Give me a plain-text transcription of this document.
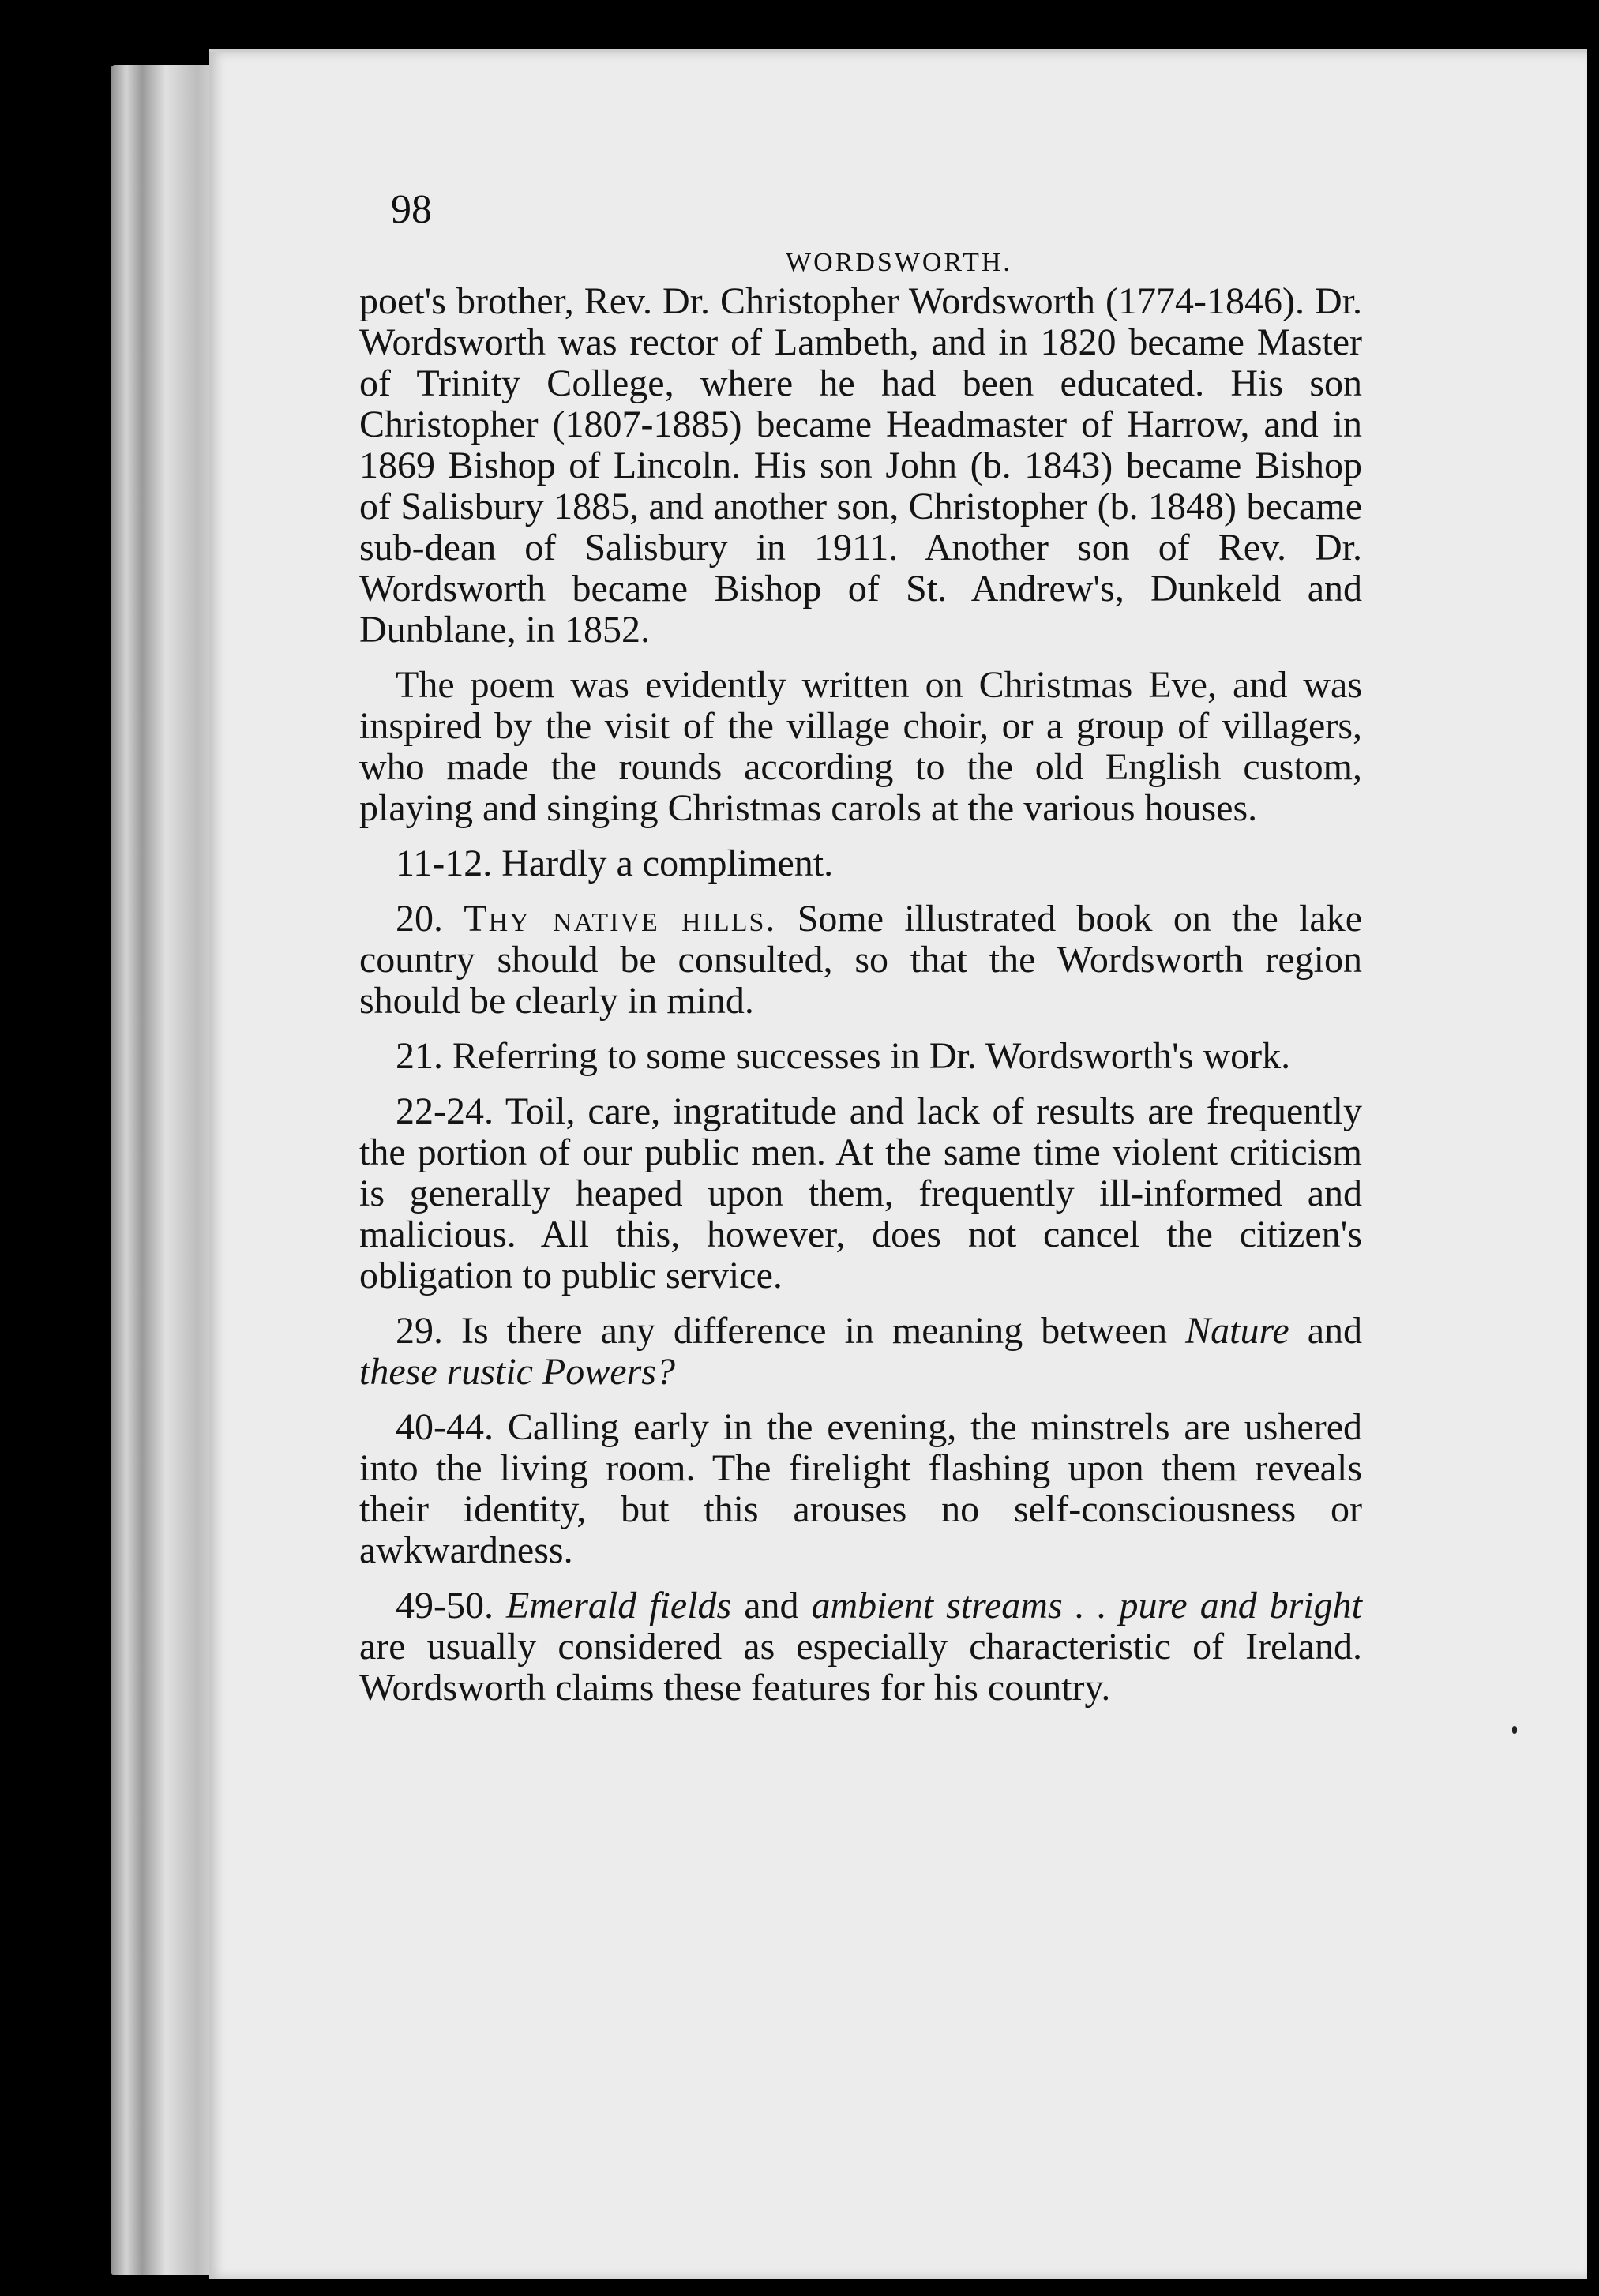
98
WORDSWORTH.

poet's brother, Rev. Dr. Christopher Wordsworth (1774-1846). Dr. Wordsworth was rector of Lambeth, and in 1820 became Master of Trinity College, where he had been educated. His son Christopher (1807-1885) became Headmaster of Harrow, and in 1869 Bishop of Lincoln. His son John (b. 1843) became Bishop of Salisbury 1885, and another son, Christopher (b. 1848) became sub-dean of Salisbury in 1911. Another son of Rev. Dr. Wordsworth became Bishop of St. Andrew's, Dunkeld and Dunblane, in 1852.

The poem was evidently written on Christmas Eve, and was inspired by the visit of the village choir, or a group of villagers, who made the rounds according to the old English custom, playing and singing Christmas carols at the various houses.

11-12. Hardly a compliment.

20. Thy native hills. Some illustrated book on the lake country should be consulted, so that the Wordsworth region should be clearly in mind.

21. Referring to some successes in Dr. Wordsworth's work.

22-24. Toil, care, ingratitude and lack of results are frequently the portion of our public men. At the same time violent criticism is generally heaped upon them, frequently ill-informed and malicious. All this, however, does not cancel the citizen's obligation to public service.

29. Is there any difference in meaning between Nature and these rustic Powers?

40-44. Calling early in the evening, the minstrels are ushered into the living room. The firelight flashing upon them reveals their identity, but this arouses no self-consciousness or awkwardness.

49-50. Emerald fields and ambient streams . . pure and bright are usually considered as especially characteristic of Ireland. Wordsworth claims these features for his country.
